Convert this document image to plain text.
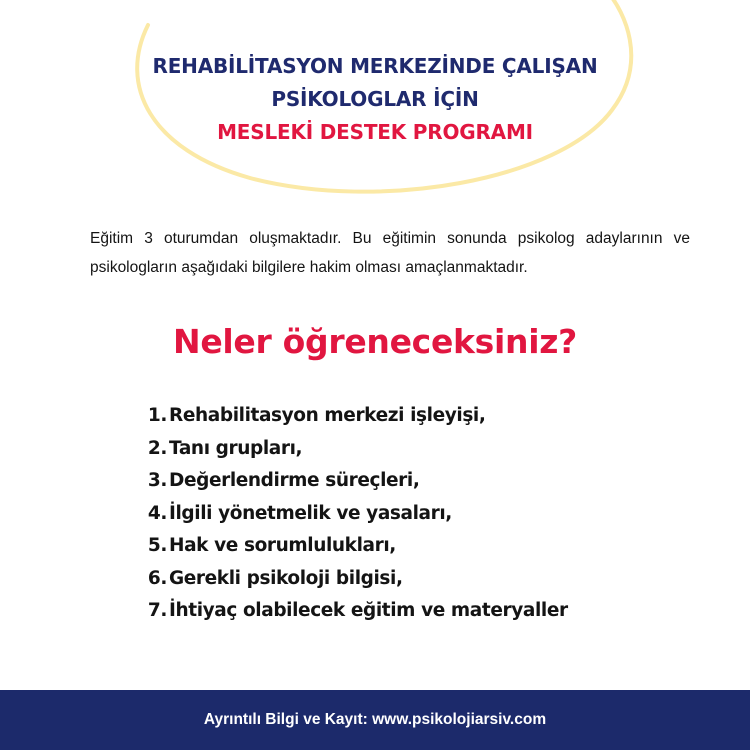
REHABİLİTASYON MERKEZİNDE ÇALIŞAN
PSİKOLOGLAR İÇİN
MESLEKİ DESTEK PROGRAMI
Eğitim 3 oturumdan oluşmaktadır. Bu eğitimin sonunda psikolog adaylarının ve psikologların aşağıdaki bilgilere hakim olması amaçlanmaktadır.
Neler öğreneceksiniz?
1. Rehabilitasyon merkezi işleyişi,
2. Tanı grupları,
3. Değerlendirme süreçleri,
4. İlgili yönetmelik ve yasaları,
5. Hak ve sorumlulukları,
6. Gerekli psikoloji bilgisi,
7. İhtiyaç olabilecek eğitim ve materyaller
Ayrıntılı Bilgi ve Kayıt: www.psikolojiarsiv.com
